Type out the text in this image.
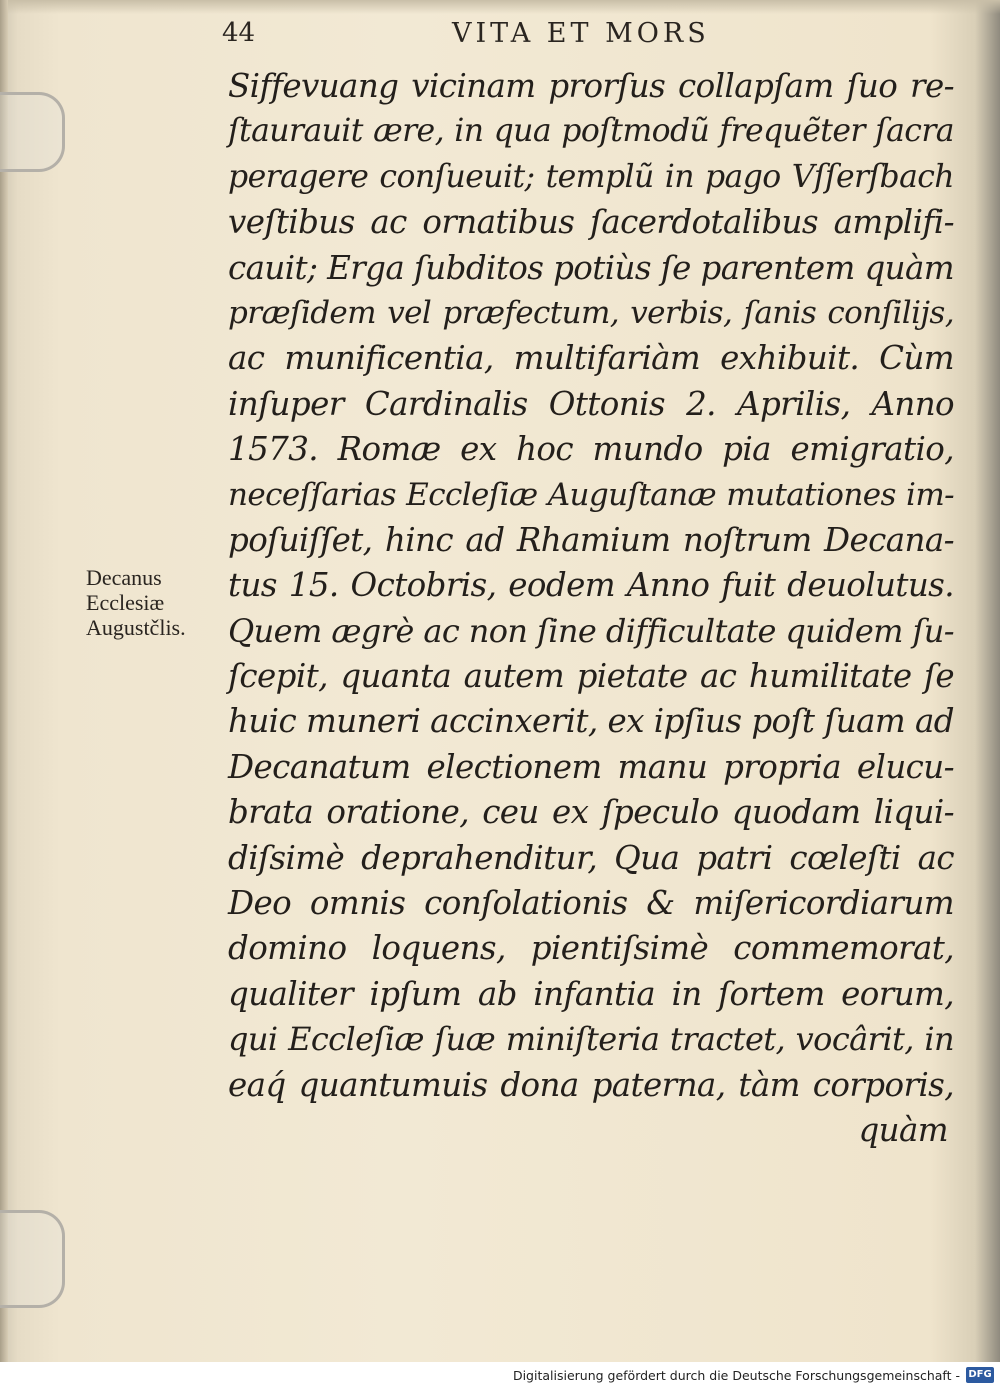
44	VITA ET MORS
Decanus
Ecclesiæ
Augustčlis.
Siffevuang vicinam prorſus collapſam ſuo re-
ſtaurauit ære, in qua poſtmodũ frequẽter ſacra
peragere conſueuit; templũ in pago Vſſerſbach
veſtibus ac ornatibus ſacerdotalibus amplifi-
cauit; Erga ſubditos potiùs ſe parentem quàm
præſidem vel præfectum, verbis, ſanis conſilijs,
ac munificentia, multifariàm exhibuit. Cùm
inſuper Cardinalis Ottonis 2. Aprilis, Anno
1573. Romæ ex hoc mundo pia emigratio,
neceſſarias Eccleſiæ Auguſtanæ mutationes im-
poſuiſſet, hinc ad Rhamium noſtrum Decana-
tus 15. Octobris, eodem Anno fuit deuolutus.
Quem ægrè ac non ſine difficultate quidem ſu-
ſcepit, quanta autem pietate ac humilitate ſe
huic muneri accinxerit, ex ipſius poſt ſuam ad
Decanatum electionem manu propria elucu-
brata oratione, ceu ex ſpeculo quodam liqui-
diſsimè deprahenditur, Qua patri cœleſti ac
Deo omnis conſolationis & miſericordiarum
domino loquens, pientiſsimè commemorat,
qualiter ipſum ab infantia in ſortem eorum,
qui Eccleſiæ ſuæ miniſteria tractet, vocârit, in
eaq́ quantumuis dona paterna, tàm corporis,
quàm
Digitalisierung gefördert durch die Deutsche Forschungsgemeinschaft - DFG
